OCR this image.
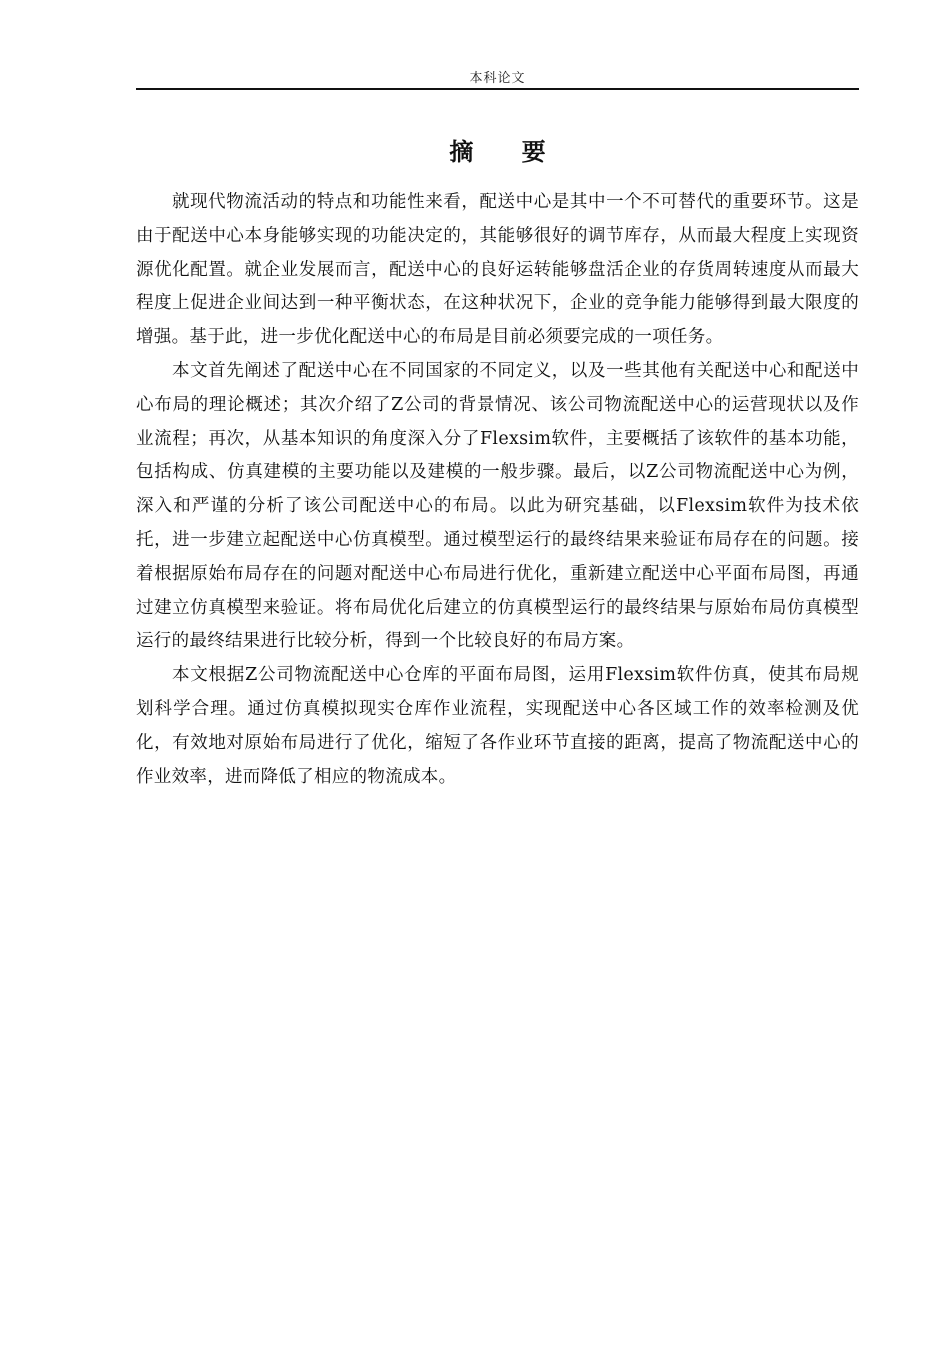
本科论文
摘 要

就现代物流活动的特点和功能性来看，配送中心是其中一个不可替代的重要环节。这是由于配送中心本身能够实现的功能决定的，其能够很好的调节库存，从而最大程度上实现资源优化配置。就企业发展而言，配送中心的良好运转能够盘活企业的存货周转速度从而最大程度上促进企业间达到一种平衡状态，在这种状况下，企业的竞争能力能够得到最大限度的增强。基于此，进一步优化配送中心的布局是目前必须要完成的一项任务。

本文首先阐述了配送中心在不同国家的不同定义，以及一些其他有关配送中心和配送中心布局的理论概述；其次介绍了Z公司的背景情况、该公司物流配送中心的运营现状以及作业流程；再次，从基本知识的角度深入分了Flexsim软件，主要概括了该软件的基本功能，包括构成、仿真建模的主要功能以及建模的一般步骤。最后，以Z公司物流配送中心为例，深入和严谨的分析了该公司配送中心的布局。以此为研究基础，以Flexsim软件为技术依托，进一步建立起配送中心仿真模型。通过模型运行的最终结果来验证布局存在的问题。接着根据原始布局存在的问题对配送中心布局进行优化，重新建立配送中心平面布局图，再通过建立仿真模型来验证。将布局优化后建立的仿真模型运行的最终结果与原始布局仿真模型运行的最终结果进行比较分析，得到一个比较良好的布局方案。

本文根据Z公司物流配送中心仓库的平面布局图，运用Flexsim软件仿真，使其布局规划科学合理。通过仿真模拟现实仓库作业流程，实现配送中心各区域工作的效率检测及优化，有效地对原始布局进行了优化，缩短了各作业环节直接的距离，提高了物流配送中心的作业效率，进而降低了相应的物流成本。
